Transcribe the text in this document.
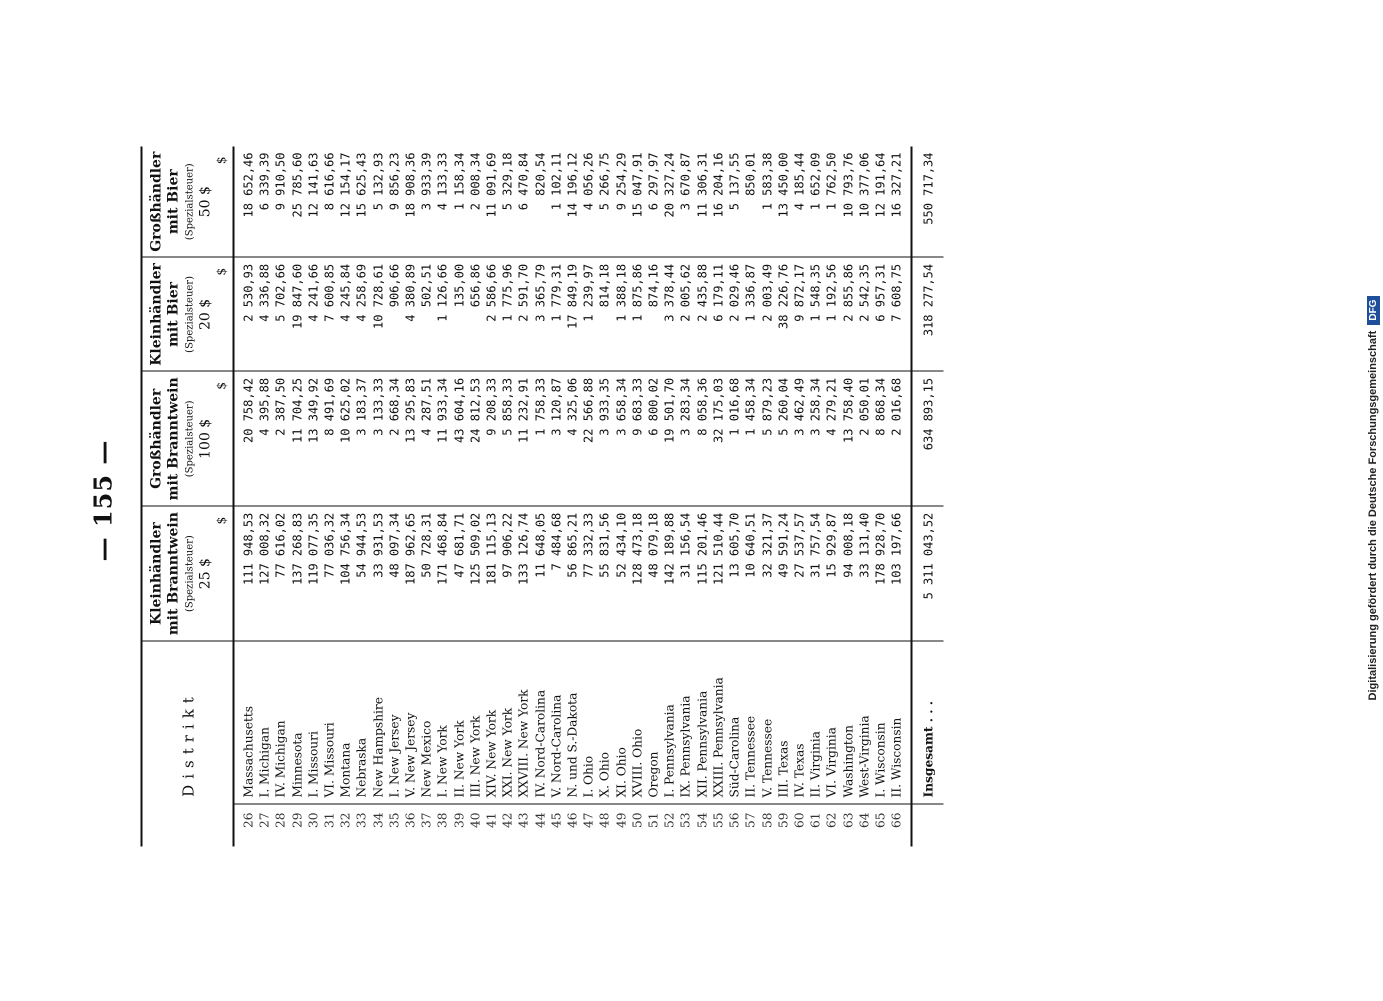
Digitalisierung gefördert durch die Deutsche Forschungsgemeinschaft
DFG
— 155 —
Distrikt		Kleinhändler mit Branntwein (Spezialsteuer) 25 $
$	Großhändler mit Branntwein (Spezialsteuer) 100 $
$	Kleinhändler mit Bier (Spezialsteuer) 20 $
$	Großhändler mit Bier (Spezialsteuer) 50 $
$

26	Massachusetts	111 948,53	20 758,42	2 530,93	18 652,46
27	I. Michigan	127 008,32	4 395,88	4 336,88	6 339,39
28	IV. Michigan	77 616,02	2 387,50	5 702,66	9 910,50
29	Minnesota	137 268,83	11 704,25	19 847,60	25 785,60
30	I. Missouri	119 077,35	13 349,92	4 241,66	12 141,63
31	VI. Missouri	77 036,32	8 491,69	7 600,85	8 616,66
32	Montana	104 756,34	10 625,02	4 245,84	12 154,17
33	Nebraska	54 944,53	3 183,37	4 258,69	15 625,43
34	New Hampshire	33 931,53	3 133,33	10 728,61	5 132,93
35	I. New Jersey	48 097,34	2 668,34	906,66	9 856,23
36	V. New Jersey	187 962,65	13 295,83	4 380,89	18 908,36
37	New Mexico	50 728,31	4 287,51	502,51	3 933,39
38	I. New York	171 468,84	11 933,34	1 126,66	4 133,33
39	II. New York	47 681,71	43 604,16	135,00	1 158,34
40	III. New York	125 509,02	24 812,53	656,86	2 008,34
41	XIV. New York	181 115,13	9 208,33	2 586,66	11 091,69
42	XXI. New York	97 906,22	5 858,33	1 775,96	5 329,18
43	XXVIII. New York	133 126,74	11 232,91	2 591,70	6 470,84
44	IV. Nord-Carolina	11 648,05	1 758,33	3 365,79	820,54
45	V. Nord-Carolina	7 484,68	3 120,87	1 779,31	1 102,11
46	N. und S.-Dakota	56 865,21	4 325,06	17 849,19	14 196,12
47	I. Ohio	77 332,33	22 566,88	1 239,97	4 056,26
48	X. Ohio	55 831,56	3 933,35	814,18	5 266,75
49	XI. Ohio	52 434,10	3 658,34	1 388,18	9 254,29
50	XVIII. Ohio	128 473,18	9 683,33	1 875,86	15 047,91
51	Oregon	48 079,18	6 800,02	874,16	6 297,97
52	I. Pennsylvania	142 189,88	19 501,70	3 378,44	20 327,24
53	IX. Pennsylvania	31 156,54	3 283,34	2 005,62	3 670,87
54	XII. Pennsylvania	115 201,46	8 058,36	2 435,88	11 306,31
55	XXIII. Pennsylvania	121 510,44	32 175,03	6 179,11	16 204,16
56	Süd-Carolina	13 605,70	1 016,68	2 029,46	5 137,55
57	II. Tennessee	10 640,51	1 458,34	1 336,87	850,01
58	V. Tennessee	32 321,37	5 879,23	2 003,49	1 583,38
59	III. Texas	49 591,24	5 260,04	38 226,76	13 450,00
60	IV. Texas	27 537,57	3 462,49	9 872,17	4 185,44
61	II. Virginia	31 757,54	3 258,34	1 548,35	1 652,09
62	VI. Virginia	15 929,87	4 279,21	1 192,56	1 762,50
63	Washington	94 008,18	13 758,40	2 855,86	10 793,76
64	West-Virginia	33 131,40	2 050,01	2 542,35	10 377,06
65	I. Wisconsin	178 928,70	8 868,34	6 957,31	12 191,64
66	II. Wisconsin	103 197,66	2 016,68	7 608,75	16 327,21
	Insgesamt . . .	5 311 043,52	634 893,15	318 277,54	550 717,34
